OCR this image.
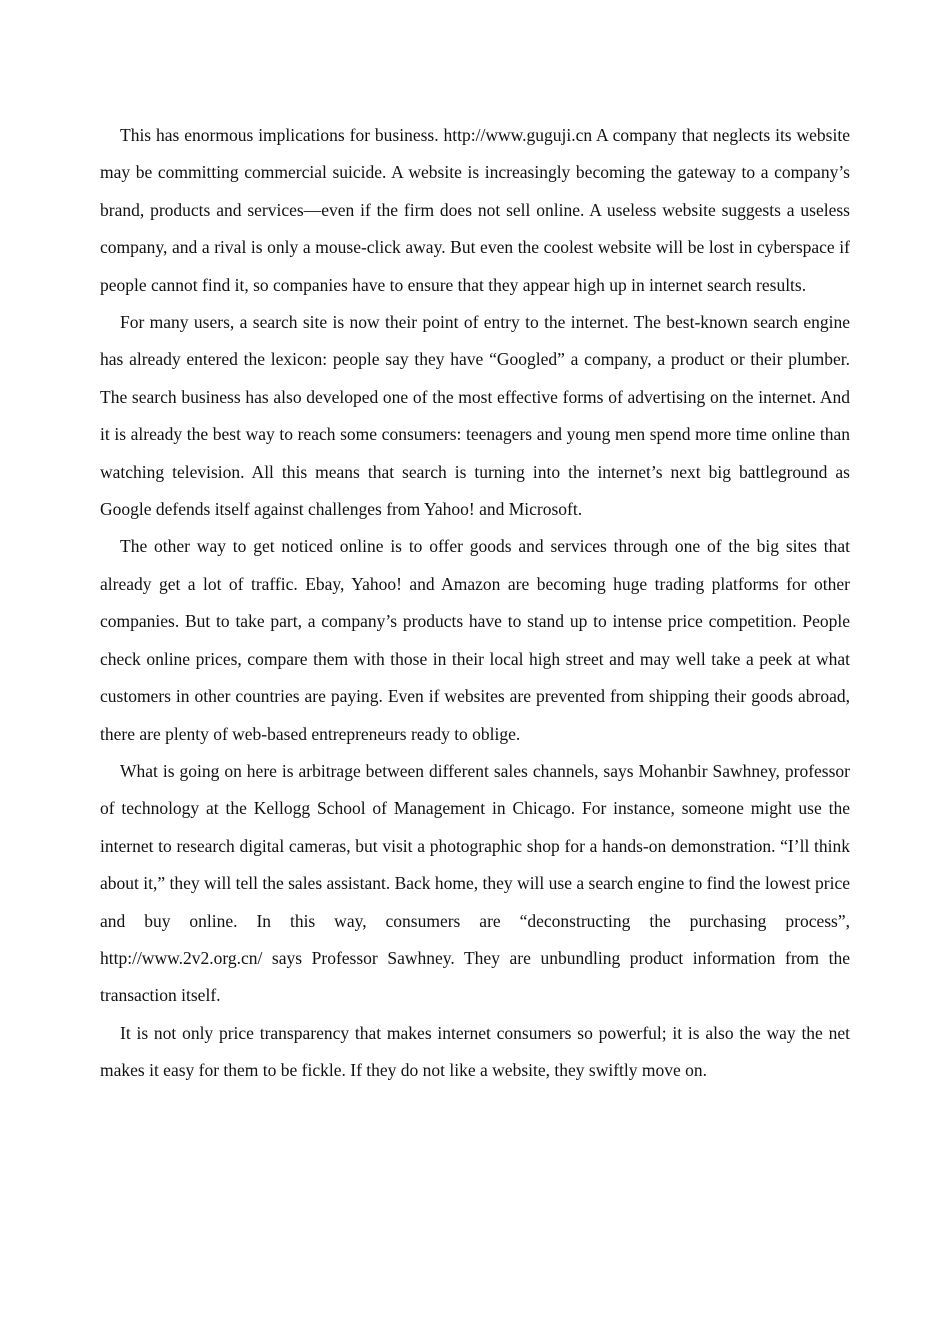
This has enormous implications for business. http://www.guguji.cn A company that neglects its website may be committing commercial suicide. A website is increasingly becoming the gateway to a company’s brand, products and services—even if the firm does not sell online. A useless website suggests a useless company, and a rival is only a mouse-click away. But even the coolest website will be lost in cyberspace if people cannot find it, so companies have to ensure that they appear high up in internet search results.

For many users, a search site is now their point of entry to the internet. The best-known search engine has already entered the lexicon: people say they have “Googled” a company, a product or their plumber. The search business has also developed one of the most effective forms of advertising on the internet. And it is already the best way to reach some consumers: teenagers and young men spend more time online than watching television. All this means that search is turning into the internet’s next big battleground as Google defends itself against challenges from Yahoo! and Microsoft.

The other way to get noticed online is to offer goods and services through one of the big sites that already get a lot of traffic. Ebay, Yahoo! and Amazon are becoming huge trading platforms for other companies. But to take part, a company’s products have to stand up to intense price competition. People check online prices, compare them with those in their local high street and may well take a peek at what customers in other countries are paying. Even if websites are prevented from shipping their goods abroad, there are plenty of web-based entrepreneurs ready to oblige.

What is going on here is arbitrage between different sales channels, says Mohanbir Sawhney, professor of technology at the Kellogg School of Management in Chicago. For instance, someone might use the internet to research digital cameras, but visit a photographic shop for a hands-on demonstration. “I’ll think about it,” they will tell the sales assistant. Back home, they will use a search engine to find the lowest price and buy online. In this way, consumers are “deconstructing the purchasing process”, http://www.2v2.org.cn/ says Professor Sawhney. They are unbundling product information from the transaction itself.

It is not only price transparency that makes internet consumers so powerful; it is also the way the net makes it easy for them to be fickle. If they do not like a website, they swiftly move on.
